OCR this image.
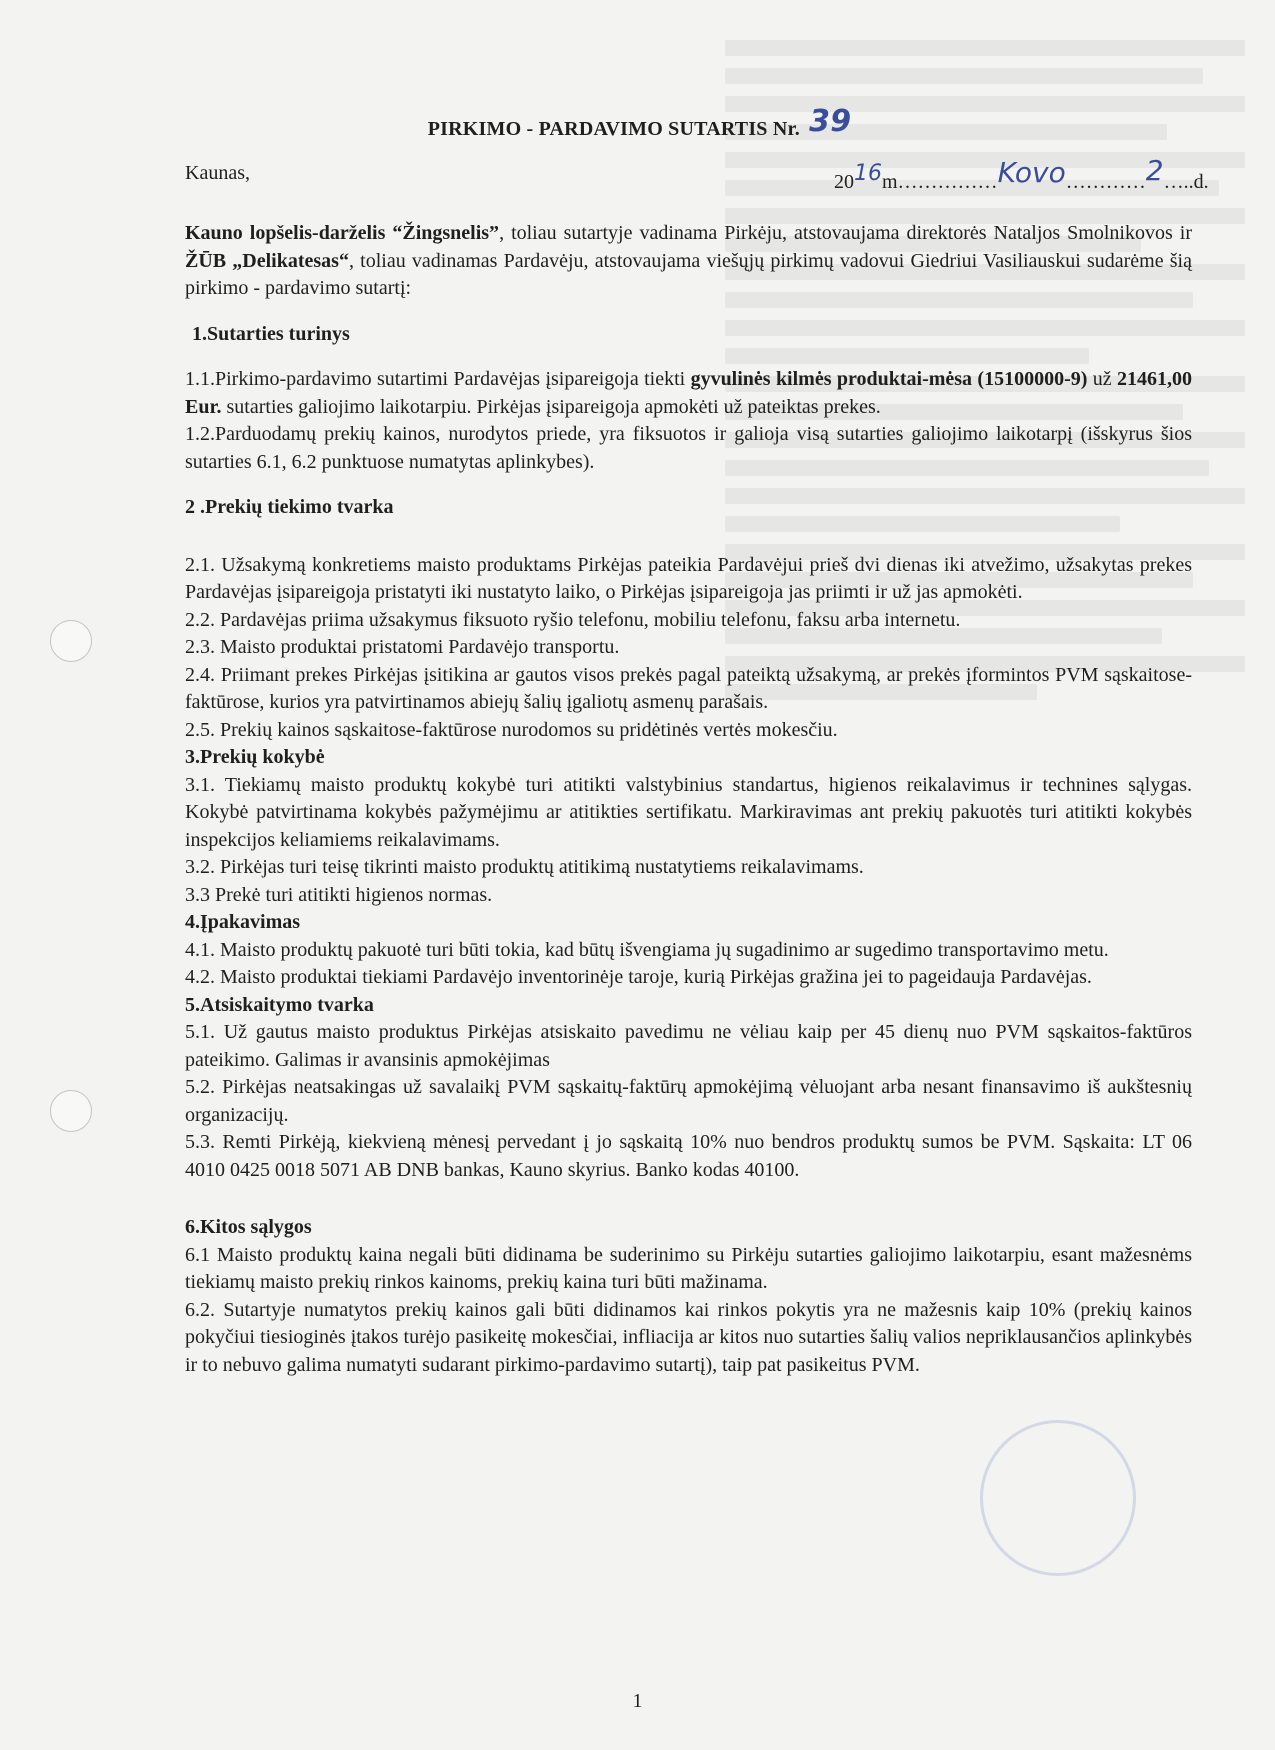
PIRKIMO - PARDAVIMO SUTARTIS Nr. 39
Kaunas,	2016m……………Kovo…………2…..d.

Kauno lopšelis-darželis “Žingsnelis”, toliau sutartyje vadinama Pirkėju, atstovaujama direktorės Nataljos Smolnikovos ir ŽŪB „Delikatesas“, toliau vadinamas Pardavėju, atstovaujama viešųjų pirkimų vadovui Giedriui Vasiliauskui sudarėme šią pirkimo - pardavimo sutartį:

1.Sutarties turinys

1.1.Pirkimo-pardavimo sutartimi Pardavėjas įsipareigoja tiekti gyvulinės kilmės produktai-mėsa (15100000-9) už 21461,00 Eur. sutarties galiojimo laikotarpiu. Pirkėjas įsipareigoja apmokėti už pateiktas prekes.

1.2.Parduodamų prekių kainos, nurodytos priede, yra fiksuotos ir galioja visą sutarties galiojimo laikotarpį (išskyrus šios sutarties 6.1, 6.2 punktuose numatytas aplinkybes).

2 .Prekių tiekimo tvarka

2.1. Užsakymą konkretiems maisto produktams Pirkėjas pateikia Pardavėjui prieš dvi dienas iki atvežimo, užsakytas prekes Pardavėjas įsipareigoja pristatyti iki nustatyto laiko, o Pirkėjas įsipareigoja jas priimti ir už jas apmokėti.

2.2. Pardavėjas priima užsakymus fiksuoto ryšio telefonu, mobiliu telefonu, faksu arba internetu.

2.3. Maisto produktai pristatomi Pardavėjo transportu.

2.4. Priimant prekes Pirkėjas įsitikina ar gautos visos prekės pagal pateiktą užsakymą, ar prekės įformintos PVM sąskaitose-faktūrose, kurios yra patvirtinamos abiejų šalių įgaliotų asmenų parašais.

2.5. Prekių kainos sąskaitose-faktūrose nurodomos su pridėtinės vertės mokesčiu.

3.Prekių kokybė

3.1. Tiekiamų maisto produktų kokybė turi atitikti valstybinius standartus, higienos reikalavimus ir technines sąlygas. Kokybė patvirtinama kokybės pažymėjimu ar atitikties sertifikatu. Markiravimas ant prekių pakuotės turi atitikti kokybės inspekcijos keliamiems reikalavimams.

3.2. Pirkėjas turi teisę tikrinti maisto produktų atitikimą nustatytiems reikalavimams.

3.3 Prekė turi atitikti higienos normas.

4.Įpakavimas

4.1. Maisto produktų pakuotė turi būti tokia, kad būtų išvengiama jų sugadinimo ar sugedimo transportavimo metu.

4.2. Maisto produktai tiekiami Pardavėjo inventorinėje taroje, kurią Pirkėjas gražina jei to pageidauja Pardavėjas.

5.Atsiskaitymo tvarka

5.1. Už gautus maisto produktus Pirkėjas atsiskaito pavedimu ne vėliau kaip per 45 dienų nuo PVM sąskaitos-faktūros pateikimo. Galimas ir avansinis apmokėjimas

5.2. Pirkėjas neatsakingas už savalaikį PVM sąskaitų-faktūrų apmokėjimą vėluojant arba nesant finansavimo iš aukštesnių organizacijų.

5.3. Remti Pirkėją, kiekvieną mėnesį pervedant į jo sąskaitą 10% nuo bendros produktų sumos be PVM. Sąskaita: LT 06 4010 0425 0018 5071 AB DNB bankas, Kauno skyrius. Banko kodas 40100.

6.Kitos sąlygos

6.1 Maisto produktų kaina negali būti didinama be suderinimo su Pirkėju sutarties galiojimo laikotarpiu, esant mažesnėms tiekiamų maisto prekių rinkos kainoms, prekių kaina turi būti mažinama.

6.2. Sutartyje numatytos prekių kainos gali būti didinamos kai rinkos pokytis yra ne mažesnis kaip 10% (prekių kainos pokyčiui tiesioginės įtakos turėjo pasikeitę mokesčiai, infliacija ar kitos nuo sutarties šalių valios nepriklausančios aplinkybės ir to nebuvo galima numatyti sudarant pirkimo-pardavimo sutartį), taip pat pasikeitus PVM.

1
